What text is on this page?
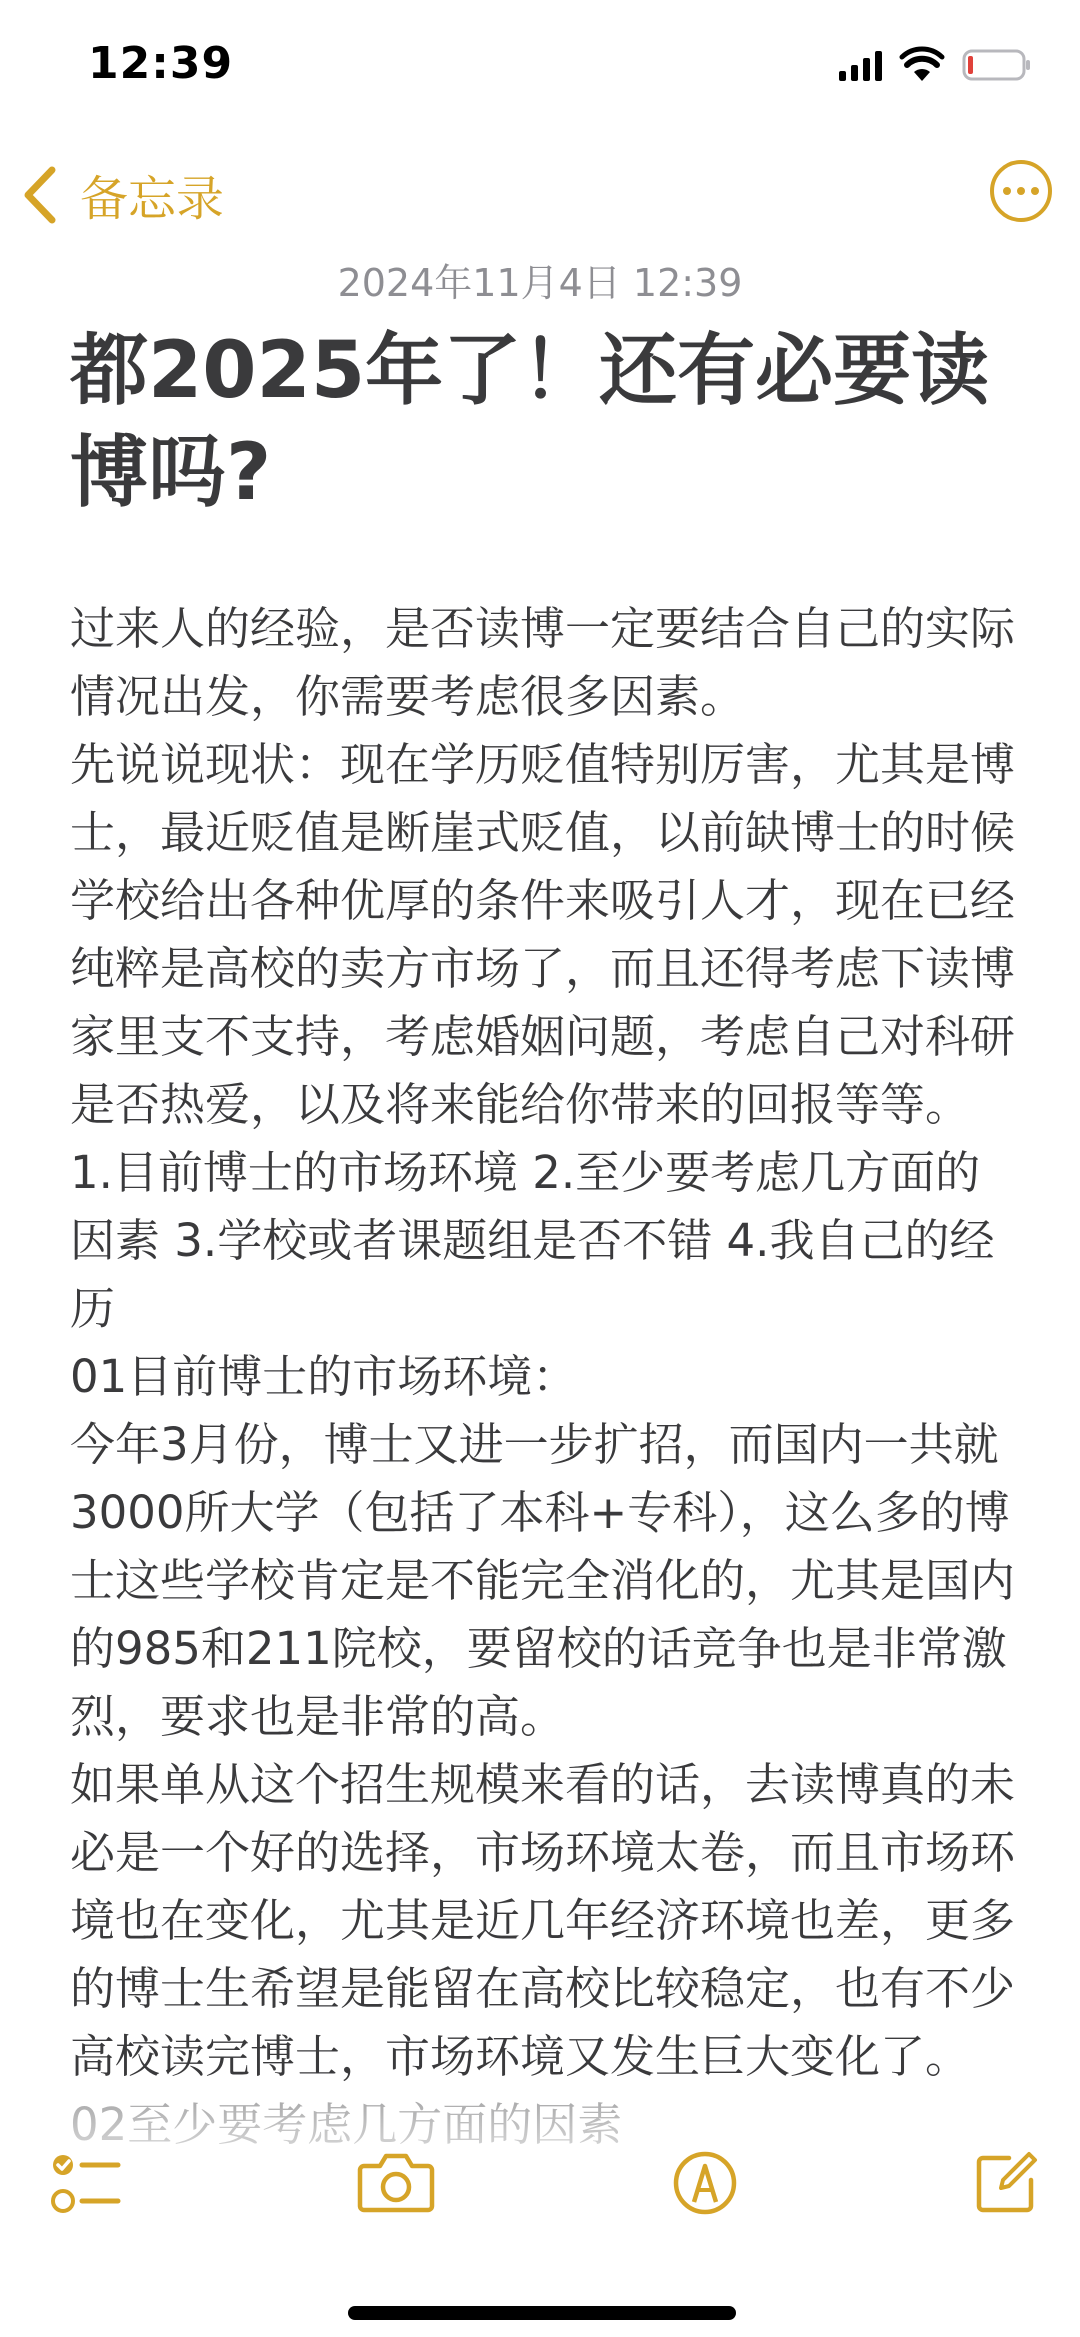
12:39
备忘录
2024年11月4日 12:39
都2025年了！还有必要读博吗?

过来人的经验，是否读博一定要结合自己的实际情况出发，你需要考虑很多因素。

先说说现状：现在学历贬值特别厉害，尤其是博士，最近贬值是断崖式贬值，以前缺博士的时候学校给出各种优厚的条件来吸引人才，现在已经纯粹是高校的卖方市场了，而且还得考虑下读博家里支不支持，考虑婚姻问题，考虑自己对科研是否热爱，以及将来能给你带来的回报等等。

1.目前博士的市场环境 2.至少要考虑几方面的因素 3.学校或者课题组是否不错 4.我自己的经历

01目前博士的市场环境：

今年3月份，博士又进一步扩招，而国内一共就3000所大学（包括了本科+专科），这么多的博士这些学校肯定是不能完全消化的，尤其是国内的985和211院校，要留校的话竞争也是非常激烈，要求也是非常的高。

如果单从这个招生规模来看的话，去读博真的未必是一个好的选择，市场环境太卷，而且市场环境也在变化，尤其是近几年经济环境也差，更多的博士生希望是能留在高校比较稳定，也有不少高校读完博士，市场环境又发生巨大变化了。
